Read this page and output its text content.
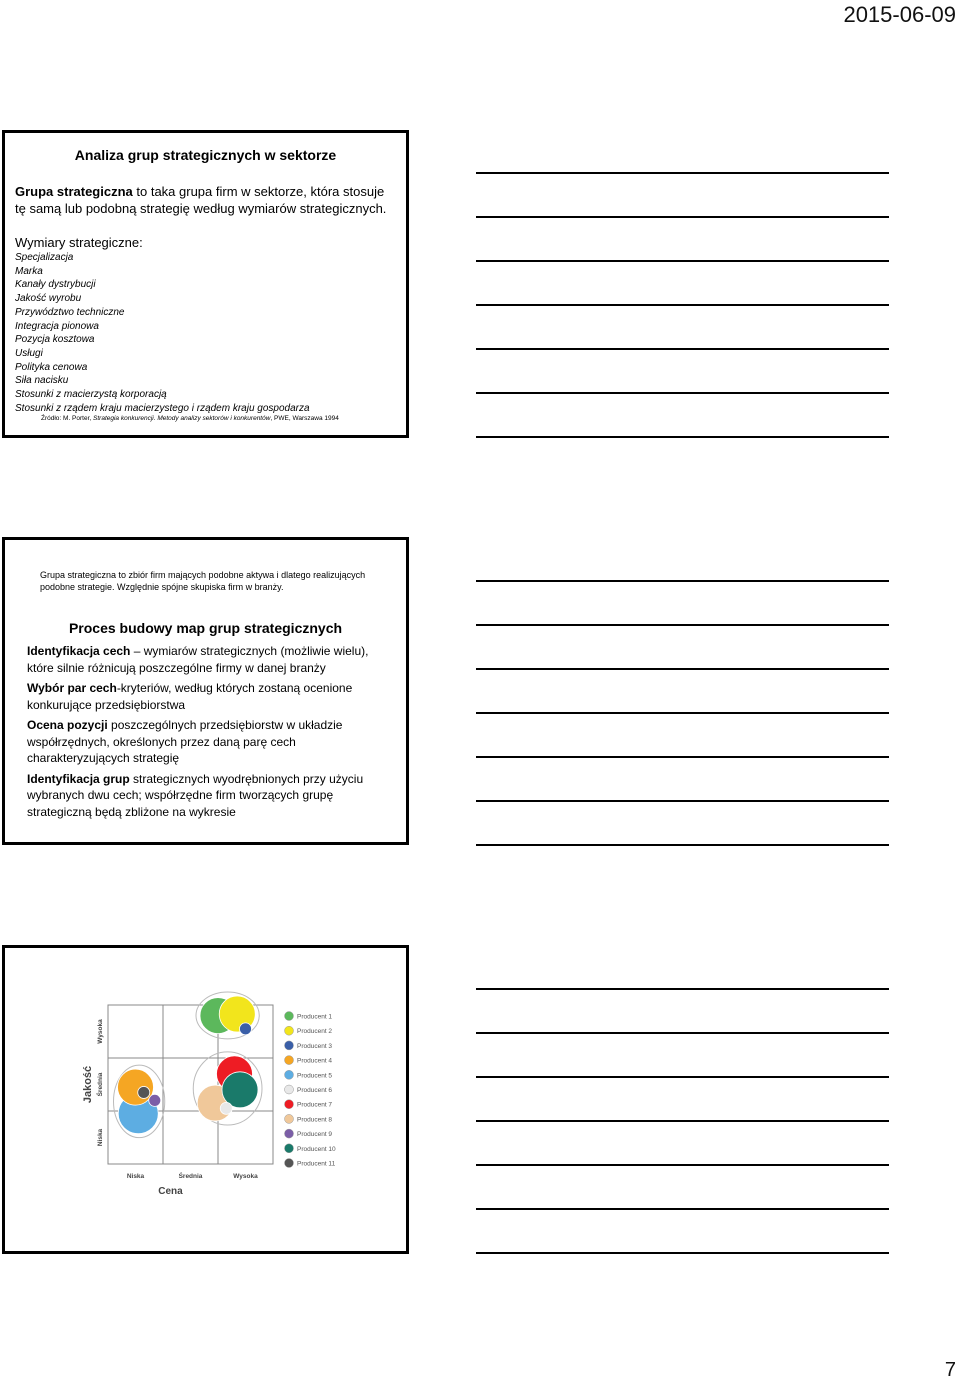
2015-06-09
Analiza grup strategicznych w sektorze
Grupa strategiczna to taka grupa firm w sektorze, która stosuje tę samą lub podobną strategię według wymiarów strategicznych.
Wymiary strategiczne:
Specjalizacja
Marka
Kanały dystrybucji
Jakość wyrobu
Przywództwo techniczne
Integracja pionowa
Pozycja kosztowa
Usługi
Polityka cenowa
Siła nacisku
Stosunki z macierzystą korporacją
Stosunki z rządem kraju macierzystego i rządem kraju gospodarza
Źródło: M. Porter, Strategia konkurencji. Metody analizy sektorów i konkurentów, PWE, Warszawa 1994
Grupa strategiczna to zbiór firm mających podobne aktywa i dlatego realizujących podobne strategie. Względnie spójne skupiska firm w branży.
Proces budowy map grup strategicznych
Identyfikacja cech – wymiarów strategicznych (możliwie wielu), które silnie różnicują poszczególne firmy w danej branży
Wybór par cech-kryteriów, według których zostaną ocenione konkurujące przedsiębiorstwa
Ocena pozycji poszczególnych przedsiębiorstw w układzie współrzędnych, określonych przez daną parę cech charakteryzujących strategię
Identyfikacja grup strategicznych wyodrębnionych przy użyciu wybranych dwu cech; współrzędne firm tworzących grupę strategiczną będą zbliżone na wykresie
Niska	Średnia	Wysoka
Niska
Średnia
Wysoka
Cena
Jakość
Producent 1
Producent 2
Producent 3
Producent 4
Producent 5
Producent 6
Producent 7
Producent 8
Producent 9
Producent 10
Producent 11
7
